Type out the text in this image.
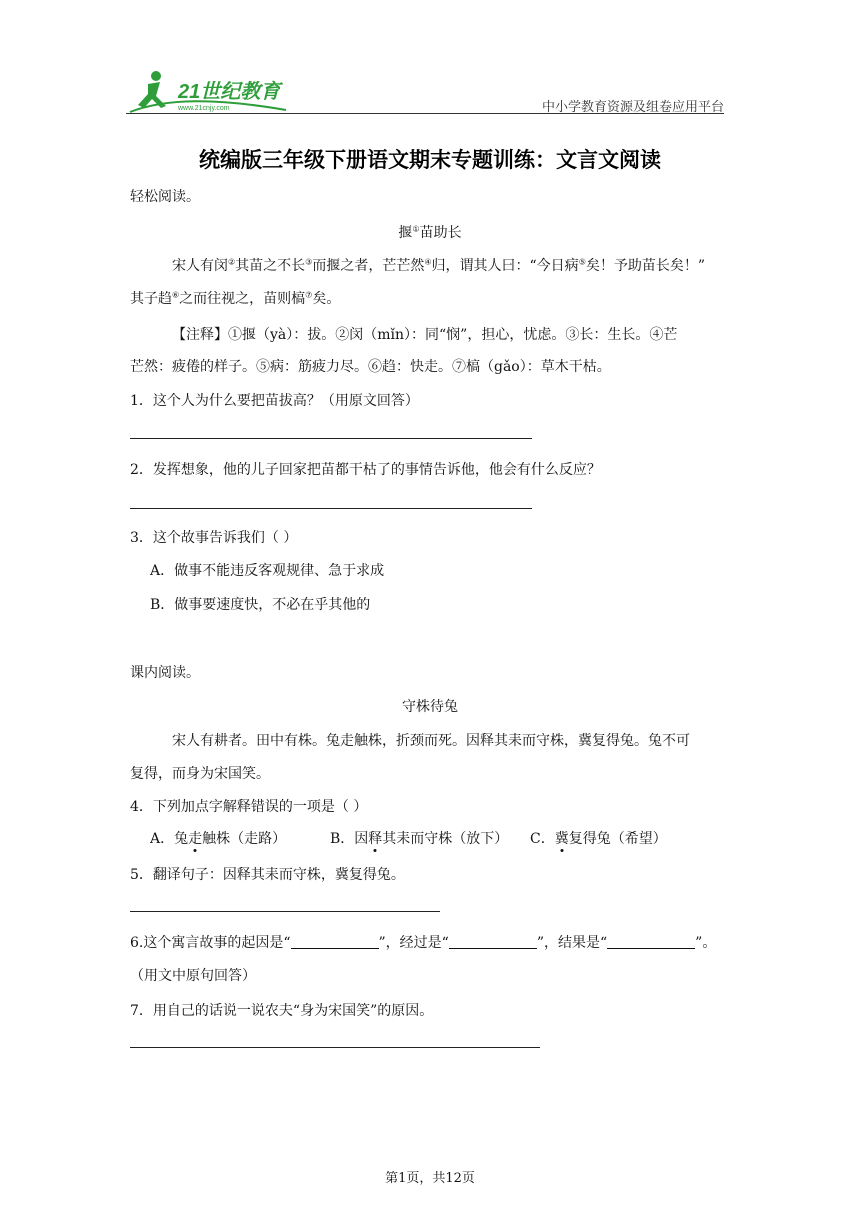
21世纪教育
www.21cnjy.com	中小学教育资源及组卷应用平台
统编版三年级下册语文期末专题训练：文言文阅读
轻松阅读。
揠①苗助长
宋人有闵②其苗之不长③而揠之者，芒芒然④归，谓其人曰：“今日病⑤矣！予助苗长矣！”
其子趋⑥之而往视之，苗则槁⑦矣。
【注释】①揠（yà）：拔。②闵（mǐn）：同“悯”，担心，忧虑。③长：生长。④芒
芒然：疲倦的样子。⑤病：筋疲力尽。⑥趋：快走。⑦槁（gǎo）：草木干枯。
1．这个人为什么要把苗拔高？（用原文回答）
2．发挥想象，他的儿子回家把苗都干枯了的事情告诉他，他会有什么反应？
3．这个故事告诉我们（ ）
A．做事不能违反客观规律、急于求成
B．做事要速度快，不必在乎其他的
课内阅读。
守株待兔
宋人有耕者。田中有株。兔走触株，折颈而死。因释其耒而守株，冀复得兔。兔不可
复得，而身为宋国笑。
4．下列加点字解释错误的一项是（ ）
A．兔走触株（走路）	B．因释其耒而守株（放下） C．冀复得兔（希望）
5．翻译句子：因释其耒而守株，冀复得兔。
6.这个寓言故事的起因是“	”，经过是“	”，结果是“	”。
（用文中原句回答）
7．用自己的话说一说农夫“身为宋国笑”的原因。
第1页，共12页
